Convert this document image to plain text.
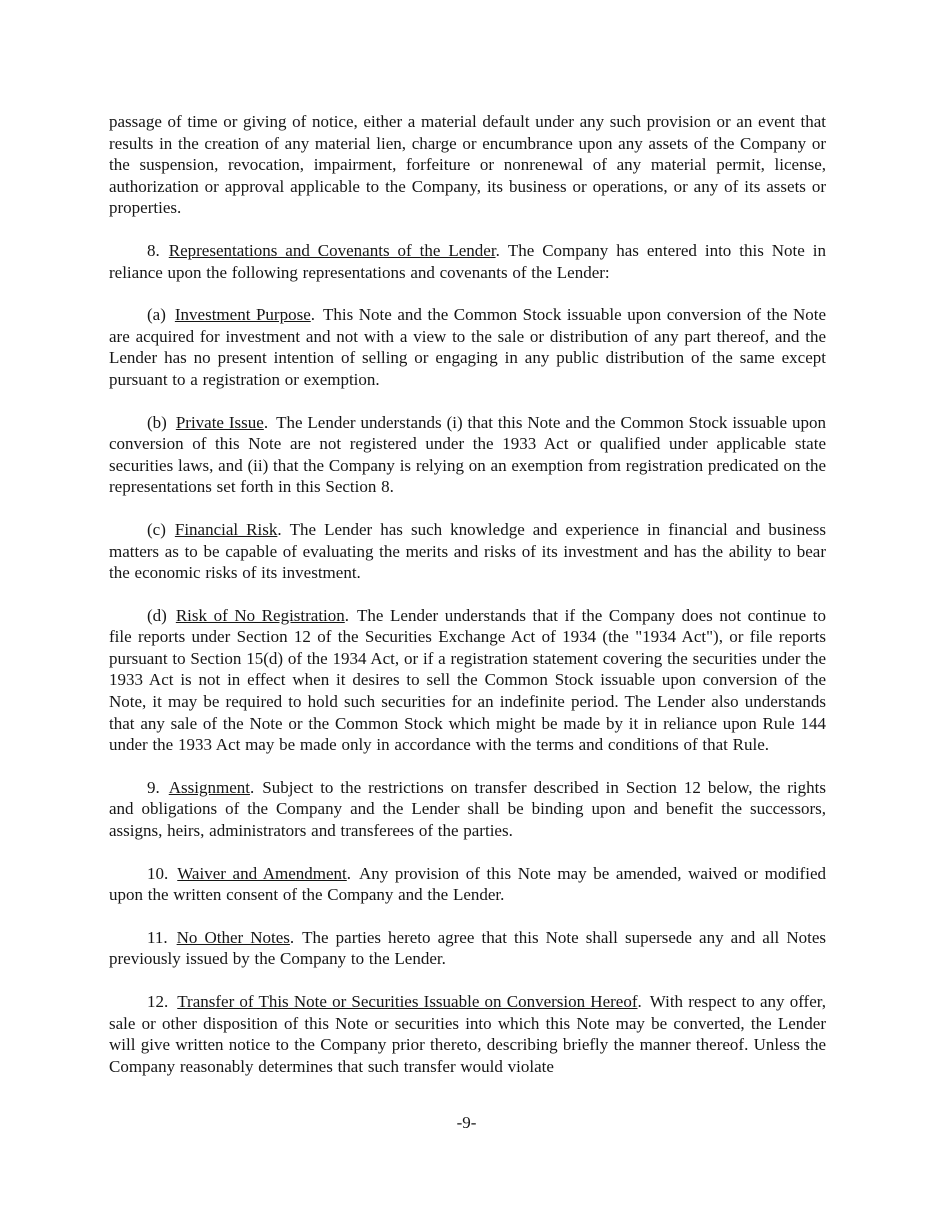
passage of time or giving of notice, either a material default under any such provision or an event that results in the creation of any material lien, charge or encumbrance upon any assets of the Company or the suspension, revocation, impairment, forfeiture or nonrenewal of any material permit, license, authorization or approval applicable to the Company, its business or operations, or any of its assets or properties.

8. Representations and Covenants of the Lender. The Company has entered into this Note in reliance upon the following representations and covenants of the Lender:

(a) Investment Purpose. This Note and the Common Stock issuable upon conversion of the Note are acquired for investment and not with a view to the sale or distribution of any part thereof, and the Lender has no present intention of selling or engaging in any public distribution of the same except pursuant to a registration or exemption.

(b) Private Issue. The Lender understands (i) that this Note and the Common Stock issuable upon conversion of this Note are not registered under the 1933 Act or qualified under applicable state securities laws, and (ii) that the Company is relying on an exemption from registration predicated on the representations set forth in this Section 8.

(c) Financial Risk. The Lender has such knowledge and experience in financial and business matters as to be capable of evaluating the merits and risks of its investment and has the ability to bear the economic risks of its investment.

(d) Risk of No Registration. The Lender understands that if the Company does not continue to file reports under Section 12 of the Securities Exchange Act of 1934 (the "1934 Act"), or file reports pursuant to Section 15(d) of the 1934 Act, or if a registration statement covering the securities under the 1933 Act is not in effect when it desires to sell the Common Stock issuable upon conversion of the Note, it may be required to hold such securities for an indefinite period. The Lender also understands that any sale of the Note or the Common Stock which might be made by it in reliance upon Rule 144 under the 1933 Act may be made only in accordance with the terms and conditions of that Rule.

9. Assignment. Subject to the restrictions on transfer described in Section 12 below, the rights and obligations of the Company and the Lender shall be binding upon and benefit the successors, assigns, heirs, administrators and transferees of the parties.

10. Waiver and Amendment. Any provision of this Note may be amended, waived or modified upon the written consent of the Company and the Lender.

11. No Other Notes. The parties hereto agree that this Note shall supersede any and all Notes previously issued by the Company to the Lender.

12. Transfer of This Note or Securities Issuable on Conversion Hereof. With respect to any offer, sale or other disposition of this Note or securities into which this Note may be converted, the Lender will give written notice to the Company prior thereto, describing briefly the manner thereof. Unless the Company reasonably determines that such transfer would violate

-9-
